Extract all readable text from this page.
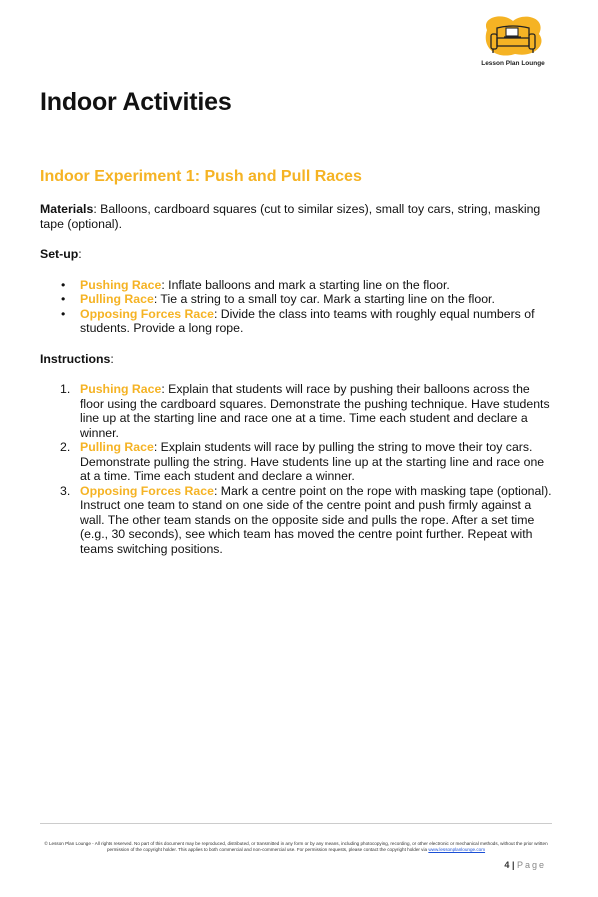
Lesson Plan Lounge
Indoor Activities
Indoor Experiment 1: Push and Pull Races

Materials: Balloons, cardboard squares (cut to similar sizes), small toy cars, string, masking tape (optional).

Set-up:

• Pushing Race: Inflate balloons and mark a starting line on the floor.
• Pulling Race: Tie a string to a small toy car. Mark a starting line on the floor.
• Opposing Forces Race: Divide the class into teams with roughly equal numbers of students. Provide a long rope.

Instructions:

1. Pushing Race: Explain that students will race by pushing their balloons across the floor using the cardboard squares. Demonstrate the pushing technique. Have students line up at the starting line and race one at a time. Time each student and declare a winner.
2. Pulling Race: Explain students will race by pulling the string to move their toy cars. Demonstrate pulling the string. Have students line up at the starting line and race one at a time. Time each student and declare a winner.
3. Opposing Forces Race: Mark a centre point on the rope with masking tape (optional). Instruct one team to stand on one side of the centre point and push firmly against a wall. The other team stands on the opposite side and pulls the rope. After a set time (e.g., 30 seconds), see which team has moved the centre point further. Repeat with teams switching positions.
© Lesson Plan Lounge - All rights reserved. No part of this document may be reproduced, distributed, or transmitted in any form or by any means, including photocopying, recording, or other electronic or mechanical methods, without the prior written permission of the copyright holder. This applies to both commercial and non-commercial use. For permission requests, please contact the copyright holder via www.lessonplanlounge.com
4 | Page
